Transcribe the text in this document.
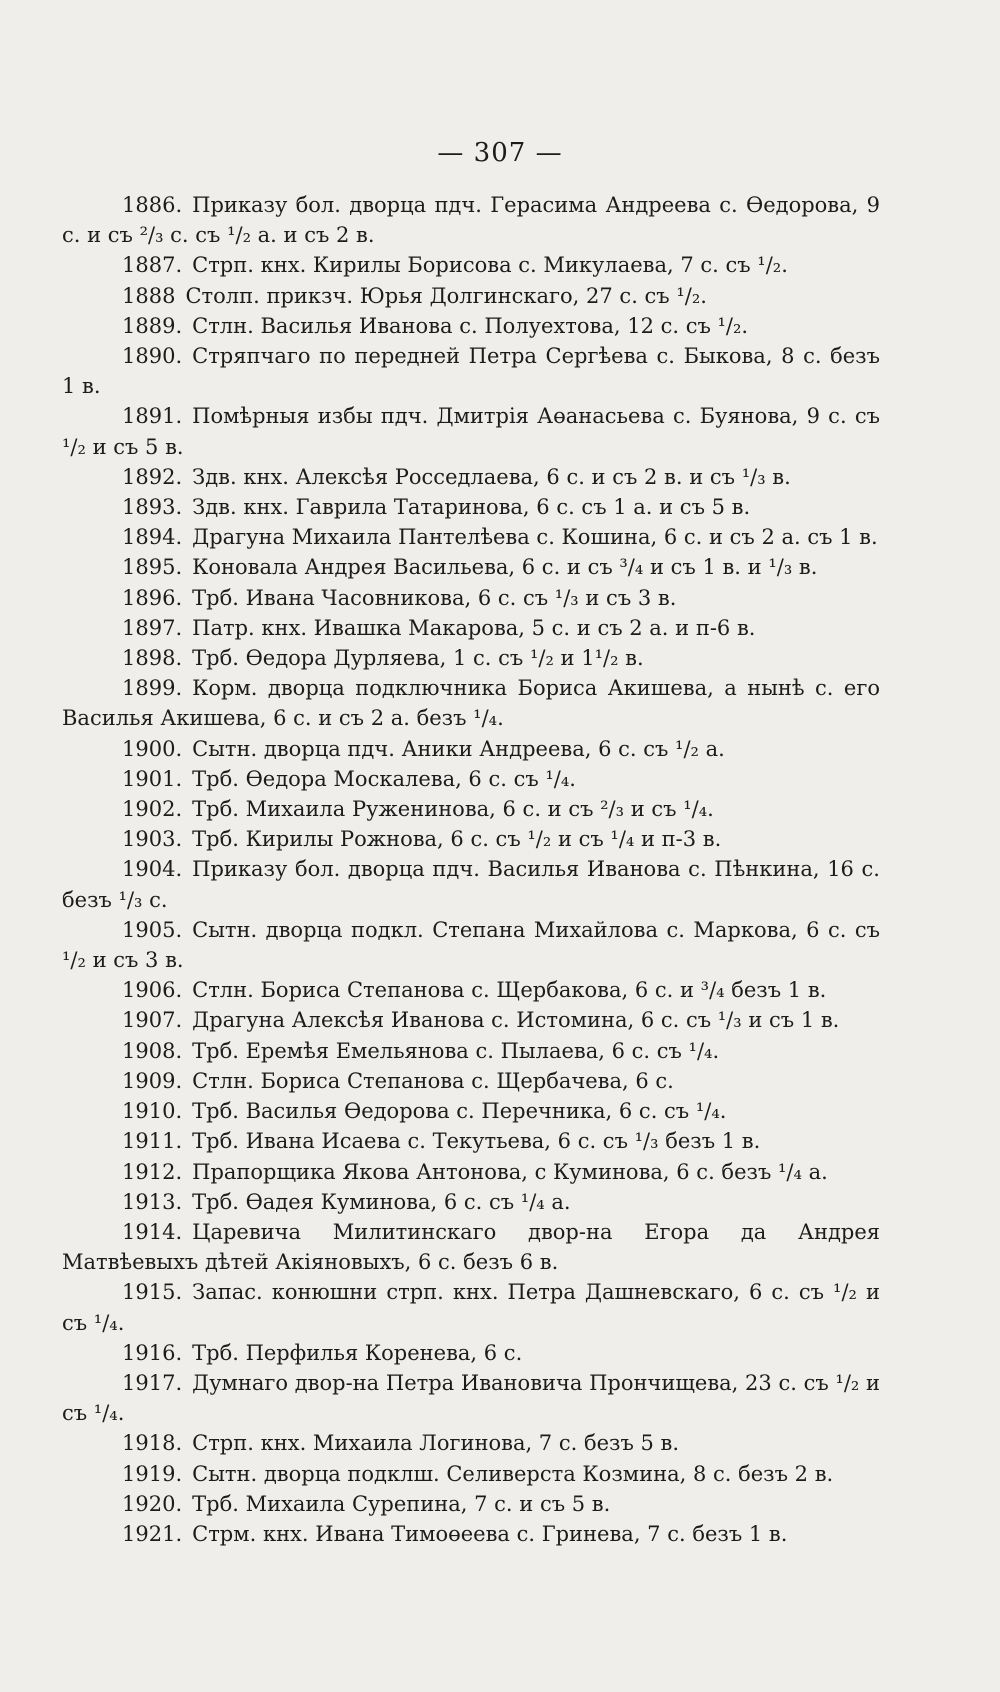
— 307 —
1886. Приказу бол. дворца пдч. Герасима Андреева с. Өедорова, 9 с. и съ ²/₃ с. съ ¹/₂ а. и съ 2 в.
1887. Стрп. кнх. Кирилы Борисова с. Микулаева, 7 с. съ ¹/₂.
1888 Столп. прикзч. Юрья Долгинскаго, 27 с. съ ¹/₂.
1889. Стлн. Василья Иванова с. Полуехтова, 12 с. съ ¹/₂.
1890. Стряпчаго по передней Петра Сергѣева с. Быкова, 8 с. безъ 1 в.
1891. Помѣрныя избы пдч. Дмитрія Аөанасьева с. Буянова, 9 с. съ ¹/₂ и съ 5 в.
1892. Здв. кнх. Алексѣя Росседлаева, 6 с. и съ 2 в. и съ ¹/₃ в.
1893. Здв. кнх. Гаврила Татаринова, 6 с. съ 1 а. и съ 5 в.
1894. Драгуна Михаила Пантелѣева с. Кошина, 6 с. и съ 2 а. съ 1 в.
1895. Коновала Андрея Васильева, 6 с. и съ ³/₄ и съ 1 в. и ¹/₃ в.
1896. Трб. Ивана Часовникова, 6 с. съ ¹/₃ и съ 3 в.
1897. Патр. кнх. Ивашка Макарова, 5 с. и съ 2 а. и п-6 в.
1898. Трб. Өедора Дурляева, 1 с. съ ¹/₂ и 1¹/₂ в.
1899. Корм. дворца подключника Бориса Акишева, а нынѣ с. его Василья Акишева, 6 с. и съ 2 а. безъ ¹/₄.
1900. Сытн. дворца пдч. Аники Андреева, 6 с. съ ¹/₂ а.
1901. Трб. Өедора Москалева, 6 с. съ ¹/₄.
1902. Трб. Михаила Руженинова, 6 с. и съ ²/₃ и съ ¹/₄.
1903. Трб. Кирилы Рожнова, 6 с. съ ¹/₂ и съ ¹/₄ и п-3 в.
1904. Приказу бол. дворца пдч. Василья Иванова с. Пѣнкина, 16 с. безъ ¹/₃ с.
1905. Сытн. дворца подкл. Степана Михайлова с. Маркова, 6 с. съ ¹/₂ и съ 3 в.
1906. Стлн. Бориса Степанова с. Щербакова, 6 с. и ³/₄ безъ 1 в.
1907. Драгуна Алексѣя Иванова с. Истомина, 6 с. съ ¹/₃ и съ 1 в.
1908. Трб. Еремѣя Емельянова с. Пылаева, 6 с. съ ¹/₄.
1909. Стлн. Бориса Степанова с. Щербачева, 6 с.
1910. Трб. Василья Өедорова с. Перечника, 6 с. съ ¹/₄.
1911. Трб. Ивана Исаева с. Текутьева, 6 с. съ ¹/₃ безъ 1 в.
1912. Прапорщика Якова Антонова, с Куминова, 6 с. безъ ¹/₄ а.
1913. Трб. Өадея Куминова, 6 с. съ ¹/₄ а.
1914. Царевича Милитинскаго двор-на Егора да Андрея Матвѣевыхъ дѣтей Акіяновыхъ, 6 с. безъ 6 в.
1915. Запас. конюшни стрп. кнх. Петра Дашневскаго, 6 с. съ ¹/₂ и съ ¹/₄.
1916. Трб. Перфилья Коренева, 6 с.
1917. Думнаго двор-на Петра Ивановича Прончищева, 23 с. съ ¹/₂ и съ ¹/₄.
1918. Стрп. кнх. Михаила Логинова, 7 с. безъ 5 в.
1919. Сытн. дворца подклш. Селиверста Козмина, 8 с. безъ 2 в.
1920. Трб. Михаила Сурепина, 7 с. и съ 5 в.
1921. Стрм. кнх. Ивана Тимоөеева с. Гринева, 7 с. безъ 1 в.
